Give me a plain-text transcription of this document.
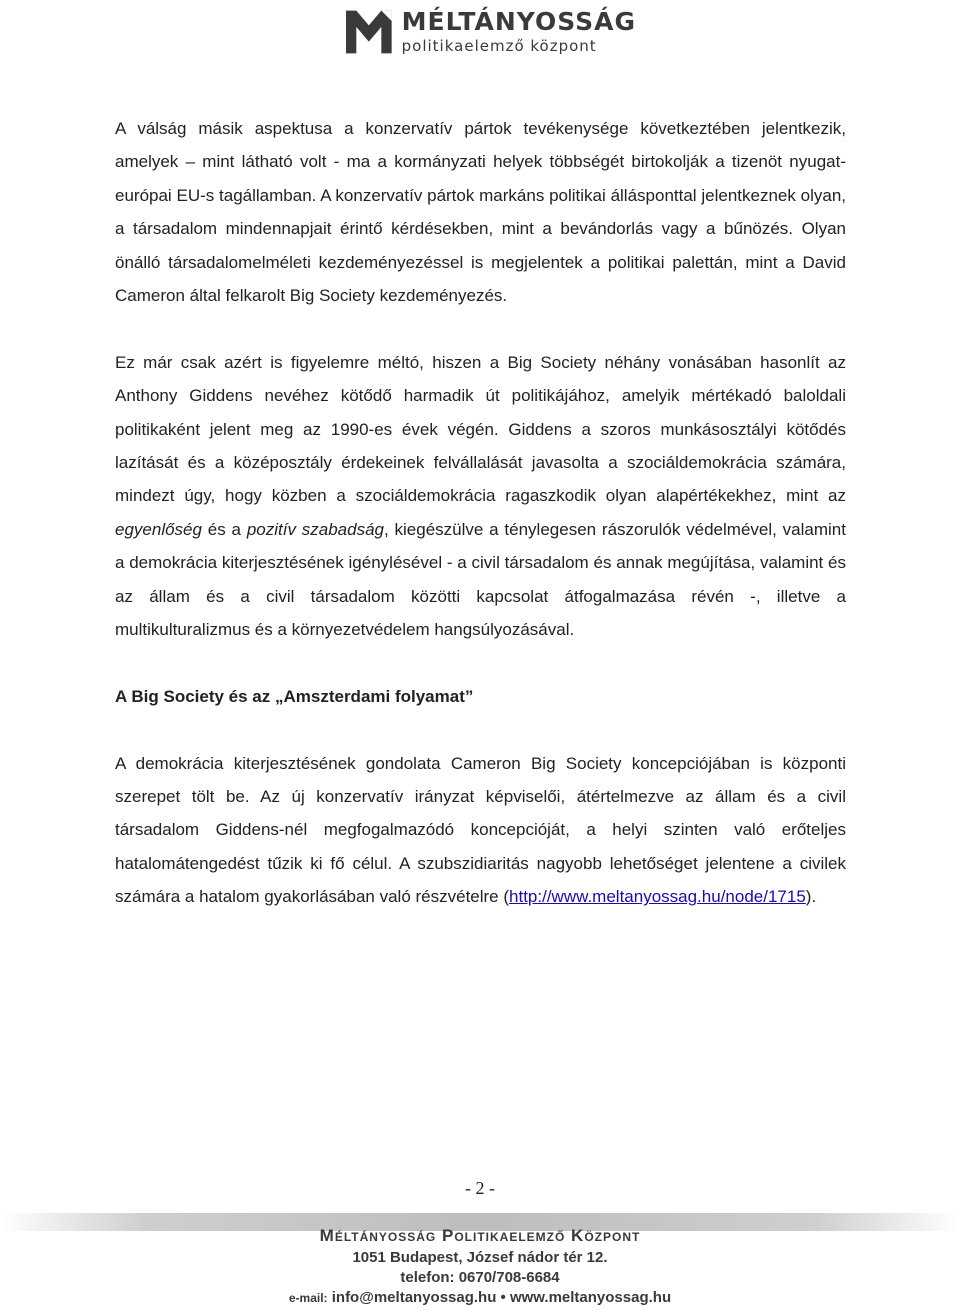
MÉLTÁNYOSSÁG
politikaelemző központ

A válság másik aspektusa a konzervatív pártok tevékenysége következtében jelentkezik, amelyek – mint látható volt - ma a kormányzati helyek többségét birtokolják a tizenöt nyugat-európai EU-s tagállamban. A konzervatív pártok markáns politikai állásponttal jelentkeznek olyan, a társadalom mindennapjait érintő kérdésekben, mint a bevándorlás vagy a bűnözés. Olyan önálló társadalomelméleti kezdeményezéssel is megjelentek a politikai palettán, mint a David Cameron által felkarolt Big Society kezdeményezés.

Ez már csak azért is figyelemre méltó, hiszen a Big Society néhány vonásában hasonlít az Anthony Giddens nevéhez kötődő harmadik út politikájához, amelyik mértékadó baloldali politikaként jelent meg az 1990-es évek végén. Giddens a szoros munkásosztályi kötődés lazítását és a középosztály érdekeinek felvállalását javasolta a szociáldemokrácia számára, mindezt úgy, hogy közben a szociáldemokrácia ragaszkodik olyan alapértékekhez, mint az egyenlőség és a pozitív szabadság, kiegészülve a ténylegesen rászorulók védelmével, valamint a demokrácia kiterjesztésének igénylésével - a civil társadalom és annak megújítása, valamint és az állam és a civil társadalom közötti kapcsolat átfogalmazása révén -, illetve a multikulturalizmus és a környezetvédelem hangsúlyozásával.

A Big Society és az „Amszterdami folyamat”

A demokrácia kiterjesztésének gondolata Cameron Big Society koncepciójában is központi szerepet tölt be. Az új konzervatív irányzat képviselői, átértelmezve az állam és a civil társadalom Giddens-nél megfogalmazódó koncepcióját, a helyi szinten való erőteljes hatalomátengedést tűzik ki fő célul. A szubszidiaritás nagyobb lehetőséget jelentene a civilek számára a hatalom gyakorlásában való részvételre (http://www.meltanyossag.hu/node/1715).

- 2 -
Méltányosság Politikaelemző Központ
1051 Budapest, József nádor tér 12.
telefon: 0670/708-6684
e-mail: info@meltanyossag.hu • www.meltanyossag.hu
